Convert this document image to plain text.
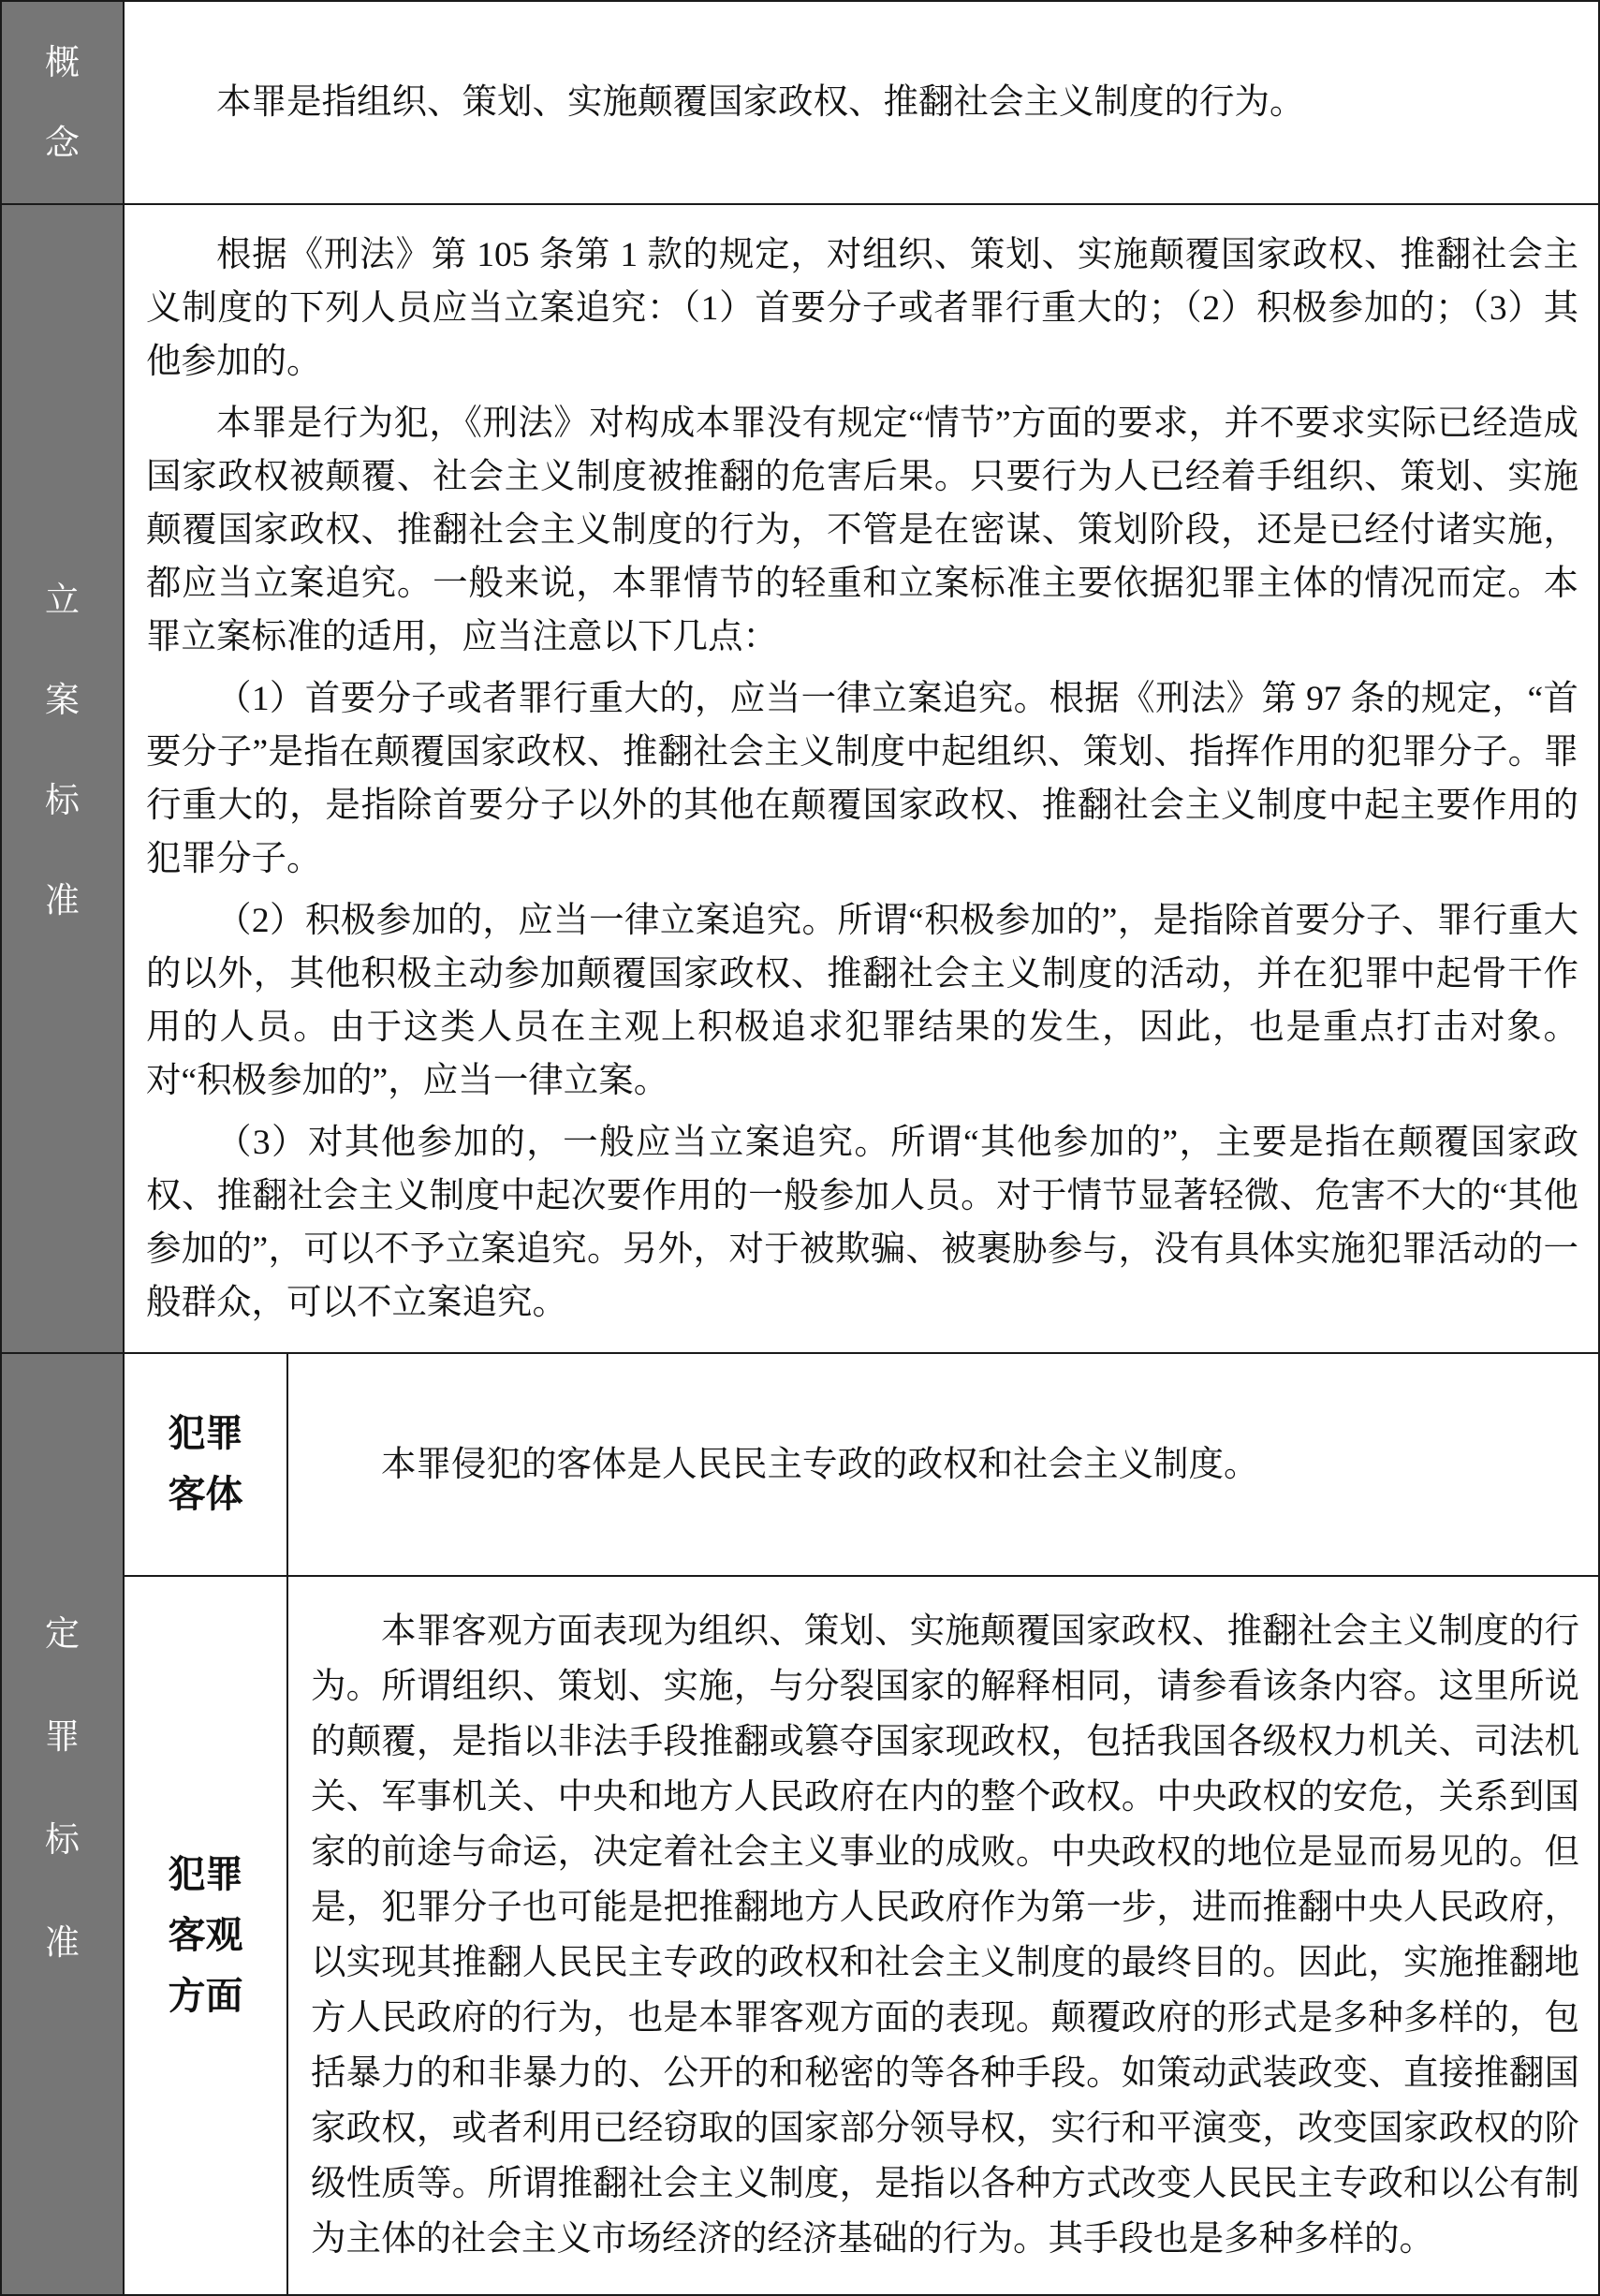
概
念

本罪是指组织、策划、实施颠覆国家政权、推翻社会主义制度的行为。

立
案
标
准

根据《刑法》第 105 条第 1 款的规定，对组织、策划、实施颠覆国家政权、推翻社会主义制度的下列人员应当立案追究：（1）首要分子或者罪行重大的；（2）积极参加的；（3）其他参加的。

本罪是行为犯，《刑法》对构成本罪没有规定“情节”方面的要求，并不要求实际已经造成国家政权被颠覆、社会主义制度被推翻的危害后果。只要行为人已经着手组织、策划、实施颠覆国家政权、推翻社会主义制度的行为，不管是在密谋、策划阶段，还是已经付诸实施，都应当立案追究。一般来说，本罪情节的轻重和立案标准主要依据犯罪主体的情况而定。本罪立案标准的适用，应当注意以下几点：

（1）首要分子或者罪行重大的，应当一律立案追究。根据《刑法》第 97 条的规定，“首要分子”是指在颠覆国家政权、推翻社会主义制度中起组织、策划、指挥作用的犯罪分子。罪行重大的，是指除首要分子以外的其他在颠覆国家政权、推翻社会主义制度中起主要作用的犯罪分子。

（2）积极参加的，应当一律立案追究。所谓“积极参加的”，是指除首要分子、罪行重大的以外，其他积极主动参加颠覆国家政权、推翻社会主义制度的活动，并在犯罪中起骨干作用的人员。由于这类人员在主观上积极追求犯罪结果的发生，因此，也是重点打击对象。对“积极参加的”，应当一律立案。

（3）对其他参加的，一般应当立案追究。所谓“其他参加的”，主要是指在颠覆国家政权、推翻社会主义制度中起次要作用的一般参加人员。对于情节显著轻微、危害不大的“其他参加的”，可以不予立案追究。另外，对于被欺骗、被裹胁参与，没有具体实施犯罪活动的一般群众，可以不立案追究。

定
罪
标
准
犯罪
客体

本罪侵犯的客体是人民民主专政的政权和社会主义制度。

犯罪
客观
方面

本罪客观方面表现为组织、策划、实施颠覆国家政权、推翻社会主义制度的行为。所谓组织、策划、实施，与分裂国家的解释相同，请参看该条内容。这里所说的颠覆，是指以非法手段推翻或篡夺国家现政权，包括我国各级权力机关、司法机关、军事机关、中央和地方人民政府在内的整个政权。中央政权的安危，关系到国家的前途与命运，决定着社会主义事业的成败。中央政权的地位是显而易见的。但是，犯罪分子也可能是把推翻地方人民政府作为第一步，进而推翻中央人民政府，以实现其推翻人民民主专政的政权和社会主义制度的最终目的。因此，实施推翻地方人民政府的行为，也是本罪客观方面的表现。颠覆政府的形式是多种多样的，包括暴力的和非暴力的、公开的和秘密的等各种手段。如策动武装政变、直接推翻国家政权，或者利用已经窃取的国家部分领导权，实行和平演变，改变国家政权的阶级性质等。所谓推翻社会主义制度，是指以各种方式改变人民民主专政和以公有制为主体的社会主义市场经济的经济基础的行为。其手段也是多种多样的。
